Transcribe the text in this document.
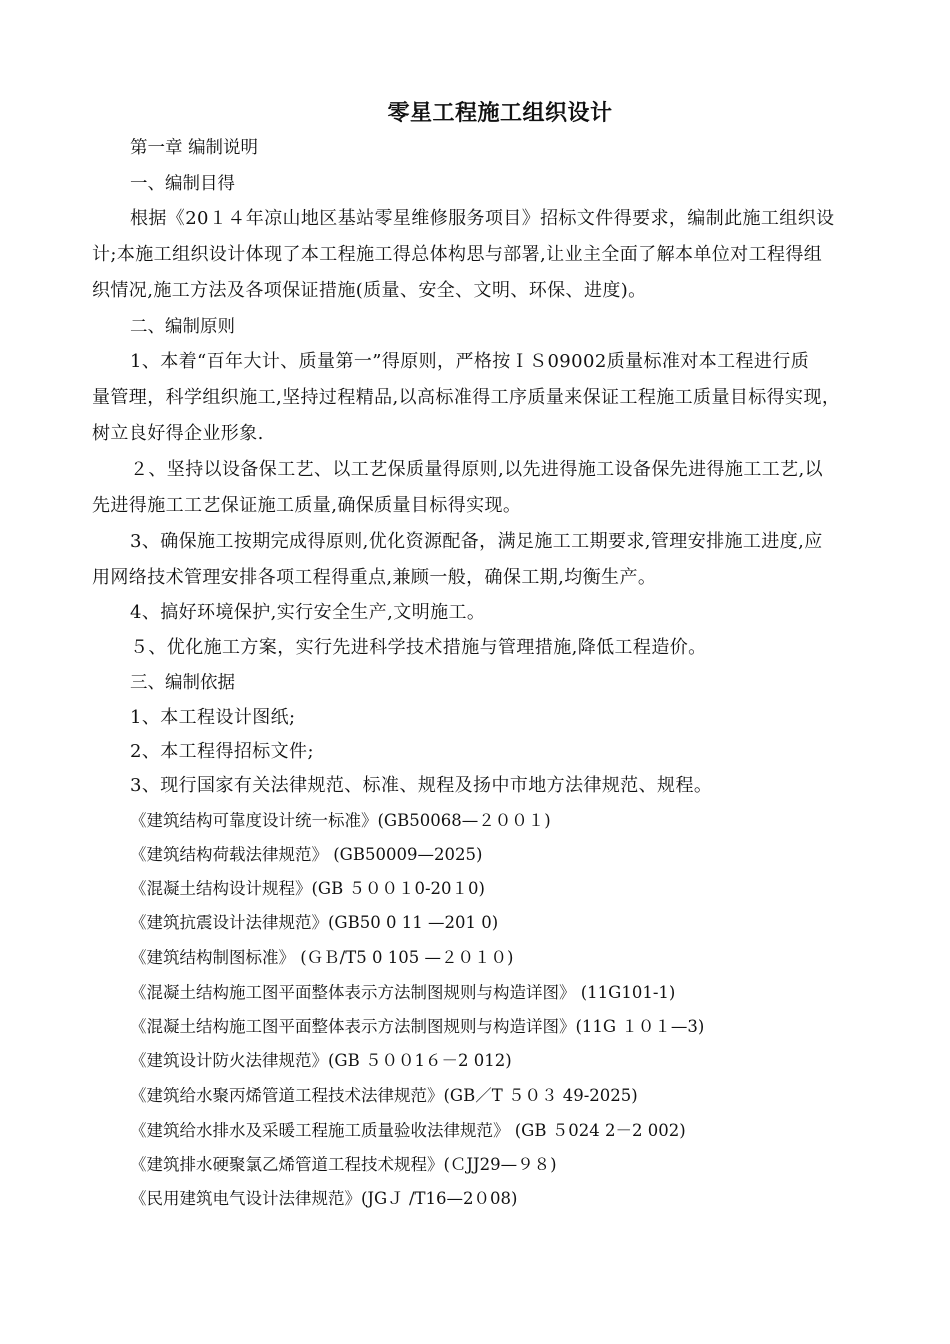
零星工程施工组织设计
第一章 编制说明
一、编制目得
根据《20１４年凉山地区基站零星维修服务项目》招标文件得要求，编制此施工组织设
计;本施工组织设计体现了本工程施工得总体构思与部署,让业主全面了解本单位对工程得组
织情况,施工方法及各项保证措施(质量、安全、文明、环保、进度)。
二、编制原则
1、本着“百年大计、质量第一”得原则，严格按ＩＳ09002质量标准对本工程进行质
量管理，科学组织施工,坚持过程精品,以高标准得工序质量来保证工程施工质量目标得实现，
树立良好得企业形象.
２、坚持以设备保工艺、以工艺保质量得原则,以先进得施工设备保先进得施工工艺,以
先进得施工工艺保证施工质量,确保质量目标得实现。
3、确保施工按期完成得原则,优化资源配备，满足施工工期要求,管理安排施工进度,应
用网络技术管理安排各项工程得重点,兼顾一般，确保工期,均衡生产。
4、搞好环境保护,实行安全生产,文明施工。
５、优化施工方案，实行先进科学技术措施与管理措施,降低工程造价。
三、编制依据
1、本工程设计图纸;
2、本工程得招标文件;
3、现行国家有关法律规范、标准、规程及扬中市地方法律规范、规程。
《建筑结构可靠度设计统一标准》(GB50068—２００１)
《建筑结构荷载法律规范》 (GB50009—2025)
《混凝土结构设计规程》(GB ５００１0-20１0)
《建筑抗震设计法律规范》(GB50 0 11 —201 0)
《建筑结构制图标准》 (ＧＢ/T5 0 105 —２０１０)
《混凝土结构施工图平面整体表示方法制图规则与构造详图》 (11G101-1)
《混凝土结构施工图平面整体表示方法制图规则与构造详图》(11G １０１—3)
《建筑设计防火法律规范》(GB ５００1６－2 012)
《建筑给水聚丙烯管道工程技术法律规范》(GB／T ５０３ 49-2025)
《建筑给水排水及采暖工程施工质量验收法律规范》 (GB ５024 2－2 002)
《建筑排水硬聚氯乙烯管道工程技术规程》(ＣJJ29—９８)
《民用建筑电气设计法律规范》(JGＪ /T16—2０08)
